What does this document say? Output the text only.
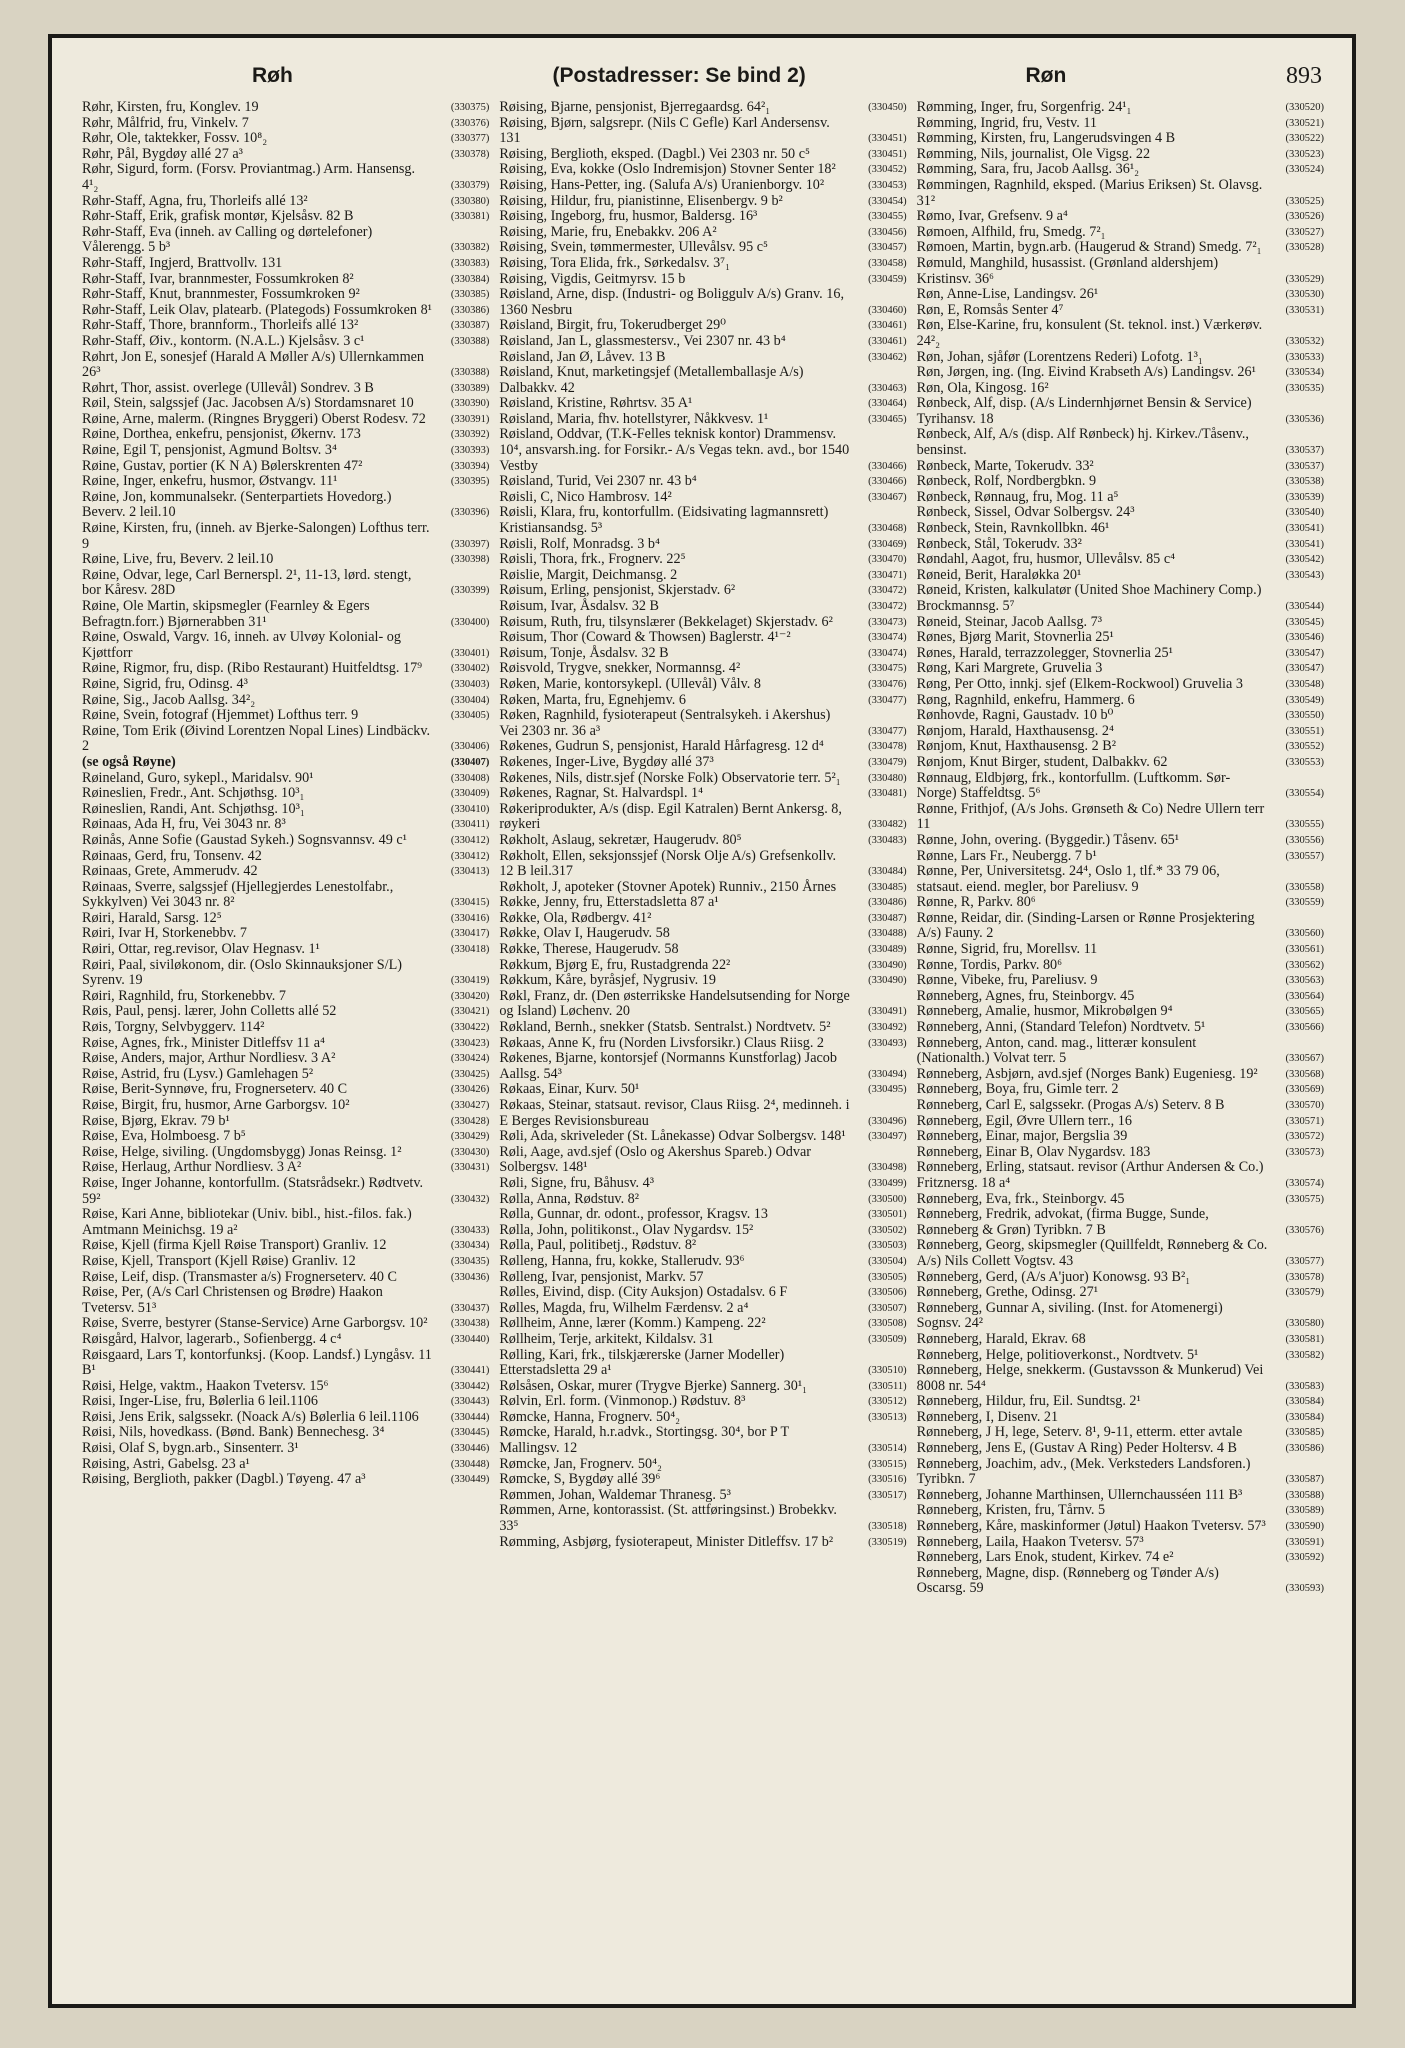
Røh	(Postadresser: Se bind 2)	Røn	893
Røhr, Kirsten, fru, Konglev. 19	(330375)
Røhr, Målfrid, fru, Vinkelv. 7	(330376)
Røhr, Ole, taktekker, Fossv. 10⁸₂	(330377)
Røhr, Pål, Bygdøy allé 27 a³	(330378)
Røhr, Sigurd, form. (Forsv. Proviantmag.) Arm. Hansensg. 4¹₂	(330379)
Røhr-Staff, Agna, fru, Thorleifs allé 13²	(330380)
Røhr-Staff, Erik, grafisk montør, Kjelsåsv. 82 B	(330381)
Røhr-Staff, Eva (inneh. av Calling og dørtelefoner) Vålerengg. 5 b³	(330382)
Røhr-Staff, Ingjerd, Brattvollv. 131	(330383)
Røhr-Staff, Ivar, brannmester, Fossumkroken 8²	(330384)
Røhr-Staff, Knut, brannmester, Fossumkroken 9²	(330385)
Røhr-Staff, Leik Olav, platearb. (Plategods) Fossumkroken 8¹ (330386)
Røhr-Staff, Thore, brannform., Thorleifs allé 13²	(330387)
Røhr-Staff, Øiv., kontorm. (N.A.L.) Kjelsåsv. 3 c¹	(330388)
Røhrt, Jon E, sonesjef (Harald A Møller A/s) Ullernkammen 26³	(330388)
Røhrt, Thor, assist. overlege (Ullevål) Sondrev. 3 B	(330389)
Røil, Stein, salgssjef (Jac. Jacobsen A/s) Stordamsnaret 10	(330390)
Røine, Arne, malerm. (Ringnes Bryggeri) Oberst Rodesv. 72 (330391)
Røine, Dorthea, enkefru, pensjonist, Økernv. 173	(330392)
Røine, Egil T, pensjonist, Agmund Boltsv. 3⁴	(330393)
Røine, Gustav, portier (K N A) Bølerskrenten 47²	(330394)
Røine, Inger, enkefru, husmor, Østvangv. 11¹	(330395)
Røine, Jon, kommunalsekr. (Senterpartiets Hovedorg.) Beverv. 2 leil.10	(330396)
Røine, Kirsten, fru, (inneh. av Bjerke-Salongen) Lofthus terr. 9	(330397)
Røine, Live, fru, Beverv. 2 leil.10	(330398)
Røine, Odvar, lege, Carl Bernerspl. 2¹, 11-13, lørd. stengt, bor Kåresv. 28D	(330399)
Røine, Ole Martin, skipsmegler (Fearnley & Egers Befragtn.forr.) Bjørnerabben 31¹	(330400)
Røine, Oswald, Vargv. 16, inneh. av Ulvøy Kolonial- og Kjøttforr	(330401)
Røine, Rigmor, fru, disp. (Ribo Restaurant) Huitfeldtsg. 17⁹	(330402)
Røine, Sigrid, fru, Odinsg. 4³	(330403)
Røine, Sig., Jacob Aallsg. 34²₂	(330404)
Røine, Svein, fotograf (Hjemmet) Lofthus terr. 9	(330405)
Røine, Tom Erik (Øivind Lorentzen Nopal Lines) Lindbäckv. 2	(330406)
(se også Røyne)	(330407)
Røineland, Guro, sykepl., Maridalsv. 90¹	(330408)
Røineslien, Fredr., Ant. Schjøthsg. 10³₁	(330409)
Røineslien, Randi, Ant. Schjøthsg. 10³₁	(330410)
Røinaas, Ada H, fru, Vei 3043 nr. 8³	(330411)
Røinås, Anne Sofie (Gaustad Sykeh.) Sognsvannsv. 49 c¹	(330412)
Røinaas, Gerd, fru, Tonsenv. 42	(330412)
Røinaas, Grete, Ammerudv. 42	(330413)
Røinaas, Sverre, salgssjef (Hjellegjerdes Lenestolfabr., Sykkylven) Vei 3043 nr. 8²	(330415)
Røiri, Harald, Sarsg. 12⁵	(330416)
Røiri, Ivar H, Storkenebbv. 7	(330417)
Røiri, Ottar, reg.revisor, Olav Hegnasv. 1¹	(330418)
Røiri, Paal, siviløkonom, dir. (Oslo Skinnauksjoner S/L) Syrenv. 19	(330419)
Røiri, Ragnhild, fru, Storkenebbv. 7	(330420)
Røis, Paul, pensj. lærer, John Colletts allé 52	(330421)
Røis, Torgny, Selvbyggerv. 114²	(330422)
Røise, Agnes, frk., Minister Ditleffsv 11 a⁴	(330423)
Røise, Anders, major, Arthur Nordliesv. 3 A²	(330424)
Røise, Astrid, fru (Lysv.) Gamlehagen 5²	(330425)
Røise, Berit-Synnøve, fru, Frognerseterv. 40 C	(330426)
Røise, Birgit, fru, husmor, Arne Garborgsv. 10²	(330427)
Røise, Bjørg, Ekrav. 79 b¹	(330428)
Røise, Eva, Holmboesg. 7 b⁵	(330429)
Røise, Helge, siviling. (Ungdomsbygg) Jonas Reinsg. 1²	(330430)
Røise, Herlaug, Arthur Nordliesv. 3 A²	(330431)
Røise, Inger Johanne, kontorfullm. (Statsrådsekr.) Rødtvetv. 59²	(330432)
Røise, Kari Anne, bibliotekar (Univ. bibl., hist.-filos. fak.) Amtmann Meinichsg. 19 a²	(330433)
Røise, Kjell (firma Kjell Røise Transport) Granliv. 12	(330434)
Røise, Kjell, Transport (Kjell Røise) Granliv. 12	(330435)
Røise, Leif, disp. (Transmaster a/s) Frognerseterv. 40 C	(330436)
Røise, Per, (A/s Carl Christensen og Brødre) Haakon Tvetersv. 51³	(330437)
Røise, Sverre, bestyrer (Stanse-Service) Arne Garborgsv. 10² (330438)
Røisgård, Halvor, lagerarb., Sofienbergg. 4 c⁴	(330440)
Røisgaard, Lars T, kontorfunksj. (Koop. Landsf.) Lyngåsv. 11 B¹	(330441)
Røisi, Helge, vaktm., Haakon Tvetersv. 15⁶	(330442)
Røisi, Inger-Lise, fru, Bølerlia 6 leil.1106	(330443)
Røisi, Jens Erik, salgssekr. (Noack A/s) Bølerlia 6 leil.1106	(330444)
Røisi, Nils, hovedkass. (Bønd. Bank) Bennechesg. 3⁴	(330445)
Røisi, Olaf S, bygn.arb., Sinsenterr. 3¹	(330446)
Røising, Astri, Gabelsg. 23 a¹	(330448)
Røising, Berglioth, pakker (Dagbl.) Tøyeng. 47 a³	(330449)
Røising, Bjarne, pensjonist, Bjerregaardsg. 64²₁	(330450)
Røising, Bjørn, salgsrepr. (Nils C Gefle) Karl Andersensv. 131	(330451)
Røising, Berglioth, eksped. (Dagbl.) Vei 2303 nr. 50 c⁵	(330451)
Røising, Eva, kokke (Oslo Indremisjon) Stovner Senter 18²	(330452)
Røising, Hans-Petter, ing. (Salufa A/s) Uranienborgv. 10²	(330453)
Røising, Hildur, fru, pianistinne, Elisenbergv. 9 b²	(330454)
Røising, Ingeborg, fru, husmor, Baldersg. 16³	(330455)
Røising, Marie, fru, Enebakkv. 206 A²	(330456)
Røising, Svein, tømmermester, Ullevålsv. 95 c⁵	(330457)
Røising, Tora Elida, frk., Sørkedalsv. 3⁷₁	(330458)
Røising, Vigdis, Geitmyrsv. 15 b	(330459)
Røisland, Arne, disp. (Industri- og Boliggulv A/s) Granv. 16, 1360 Nesbru	(330460)
Røisland, Birgit, fru, Tokerudberget 29⁰	(330461)
Røisland, Jan L, glassmestersv., Vei 2307 nr. 43 b⁴	(330461)
Røisland, Jan Ø, Låvev. 13 B	(330462)
Røisland, Knut, marketingsjef (Metallemballasje A/s) Dalbakkv. 42	(330463)
Røisland, Kristine, Røhrtsv. 35 A¹	(330464)
Røisland, Maria, fhv. hotellstyrer, Nåkkvesv. 1¹	(330465)
Røisland, Oddvar, (T.K-Felles teknisk kontor) Drammensv. 10⁴, ansvarsh.ing. for Forsikr.- A/s Vegas tekn. avd., bor 1540 Vestby	(330466)
Røisland, Turid, Vei 2307 nr. 43 b⁴	(330466)
Røisli, C, Nico Hambrosv. 14²	(330467)
Røisli, Klara, fru, kontorfullm. (Eidsivating lagmannsrett) Kristiansandsg. 5³	(330468)
Røisli, Rolf, Monradsg. 3 b⁴	(330469)
Røisli, Thora, frk., Frognerv. 22⁵	(330470)
Røislie, Margit, Deichmansg. 2	(330471)
Røisum, Erling, pensjonist, Skjerstadv. 6²	(330472)
Røisum, Ivar, Åsdalsv. 32 B	(330472)
Røisum, Ruth, fru, tilsynslærer (Bekkelaget) Skjerstadv. 6²	(330473)
Røisum, Thor (Coward & Thowsen) Baglerstr. 4¹⁻²	(330474)
Røisum, Tonje, Åsdalsv. 32 B	(330474)
Røisvold, Trygve, snekker, Normannsg. 4²	(330475)
Røken, Marie, kontorsykepl. (Ullevål) Vålv. 8	(330476)
Røken, Marta, fru, Egnehjemv. 6	(330477)
Røken, Ragnhild, fysioterapeut (Sentralsykeh. i Akershus) Vei 2303 nr. 36 a³	(330477)
Røkenes, Gudrun S, pensjonist, Harald Hårfagresg. 12 d⁴	(330478)
Røkenes, Inger-Live, Bygdøy allé 37³	(330479)
Røkenes, Nils, distr.sjef (Norske Folk) Observatorie terr. 5²₁	(330480)
Røkenes, Ragnar, St. Halvardspl. 1⁴	(330481)
Røkeriprodukter, A/s (disp. Egil Katralen) Bernt Ankersg. 8, røykeri	(330482)
Røkholt, Aslaug, sekretær, Haugerudv. 80⁵	(330483)
Røkholt, Ellen, seksjonssjef (Norsk Olje A/s) Grefsenkollv. 12 B leil.317	(330484)
Røkholt, J, apoteker (Stovner Apotek) Runniv., 2150 Årnes	(330485)
Røkke, Jenny, fru, Etterstadsletta 87 a¹	(330486)
Røkke, Ola, Rødbergv. 41²	(330487)
Røkke, Olav I, Haugerudv. 58	(330488)
Røkke, Therese, Haugerudv. 58	(330489)
Røkkum, Bjørg E, fru, Rustadgrenda 22²	(330490)
Røkkum, Kåre, byråsjef, Nygrusiv. 19	(330490)
Røkl, Franz, dr. (Den østerrikske Handelsutsending for Norge og Island) Løchenv. 20	(330491)
Røkland, Bernh., snekker (Statsb. Sentralst.) Nordtvetv. 5²	(330492)
Røkaas, Anne K, fru (Norden Livsforsikr.) Claus Riisg. 2	(330493)
Røkenes, Bjarne, kontorsjef (Normanns Kunstforlag) Jacob Aallsg. 54³	(330494)
Røkaas, Einar, Kurv. 50¹	(330495)
Røkaas, Steinar, statsaut. revisor, Claus Riisg. 2⁴, medinneh. i E Berges Revisionsbureau	(330496)
Røli, Ada, skriveleder (St. Lånekasse) Odvar Solbergsv. 148¹ (330497)
Røli, Aage, avd.sjef (Oslo og Akershus Spareb.) Odvar Solbergsv. 148¹	(330498)
Røli, Signe, fru, Båhusv. 4³	(330499)
Rølla, Anna, Rødstuv. 8²	(330500)
Rølla, Gunnar, dr. odont., professor, Kragsv. 13	(330501)
Rølla, John, politikonst., Olav Nygardsv. 15²	(330502)
Rølla, Paul, politibetj., Rødstuv. 8²	(330503)
Rølleng, Hanna, fru, kokke, Stallerudv. 93⁶	(330504)
Rølleng, Ivar, pensjonist, Markv. 57	(330505)
Rølles, Eivind, disp. (City Auksjon) Ostadalsv. 6 F	(330506)
Rølles, Magda, fru, Wilhelm Færdensv. 2 a⁴	(330507)
Røllheim, Anne, lærer (Komm.) Kampeng. 22²	(330508)
Røllheim, Terje, arkitekt, Kildalsv. 31	(330509)
Rølling, Kari, frk., tilskjærerske (Jarner Modeller) Etterstadsletta 29 a¹	(330510)
Rølsåsen, Oskar, murer (Trygve Bjerke) Sannerg. 30¹₁	(330511)
Rølvin, Erl. form. (Vinmonop.) Rødstuv. 8³	(330512)
Rømcke, Hanna, Frognerv. 50⁴₂	(330513)
Rømcke, Harald, h.r.advk., Stortingsg. 30⁴, bor P T Mallingsv. 12	(330514)
Rømcke, Jan, Frognerv. 50⁴₂	(330515)
Rømcke, S, Bygdøy allé 39⁶	(330516)
Rømmen, Johan, Waldemar Thranesg. 5³	(330517)
Rømmen, Arne, kontorassist. (St. attføringsinst.) Brobekkv. 33⁵	(330518)
Rømming, Asbjørg, fysioterapeut, Minister Ditleffsv. 17 b²	(330519)
Rømming, Inger, fru, Sorgenfrig. 24¹₁	(330520)
Rømming, Ingrid, fru, Vestv. 11	(330521)
Rømming, Kirsten, fru, Langerudsvingen 4 B	(330522)
Rømming, Nils, journalist, Ole Vigsg. 22	(330523)
Rømming, Sara, fru, Jacob Aallsg. 36¹₂	(330524)
Rømmingen, Ragnhild, eksped. (Marius Eriksen) St. Olavsg. 31²	(330525)
Rømo, Ivar, Grefsenv. 9 a⁴	(330526)
Rømoen, Alfhild, fru, Smedg. 7²₁	(330527)
Rømoen, Martin, bygn.arb. (Haugerud & Strand) Smedg. 7²₁ (330528)
Rømuld, Manghild, husassist. (Grønland aldershjem) Kristinsv. 36⁶	(330529)
Røn, Anne-Lise, Landingsv. 26¹	(330530)
Røn, E, Romsås Senter 4⁷	(330531)
Røn, Else-Karine, fru, konsulent (St. teknol. inst.) Værkerøv. 24²₂	(330532)
Røn, Johan, sjåfør (Lorentzens Rederi) Lofotg. 1³₁	(330533)
Røn, Jørgen, ing. (Ing. Eivind Krabseth A/s) Landingsv. 26¹	(330534)
Røn, Ola, Kingosg. 16²	(330535)
Rønbeck, Alf, disp. (A/s Lindernhjørnet Bensin & Service) Tyrihansv. 18	(330536)
Rønbeck, Alf, A/s (disp. Alf Rønbeck) hj. Kirkev./Tåsenv., bensinst.	(330537)
Rønbeck, Marte, Tokerudv. 33²	(330537)
Rønbeck, Rolf, Nordbergbkn. 9	(330538)
Rønbeck, Rønnaug, fru, Mog. 11 a⁵	(330539)
Rønbeck, Sissel, Odvar Solbergsv. 24³	(330540)
Rønbeck, Stein, Ravnkollbkn. 46¹	(330541)
Rønbeck, Stål, Tokerudv. 33²	(330541)
Røndahl, Aagot, fru, husmor, Ullevålsv. 85 c⁴	(330542)
Røneid, Berit, Haraløkka 20¹	(330543)
Røneid, Kristen, kalkulatør (United Shoe Machinery Comp.) Brockmannsg. 5⁷	(330544)
Røneid, Steinar, Jacob Aallsg. 7³	(330545)
Rønes, Bjørg Marit, Stovnerlia 25¹	(330546)
Rønes, Harald, terrazzolegger, Stovnerlia 25¹	(330547)
Røng, Kari Margrete, Gruvelia 3	(330547)
Røng, Per Otto, innkj. sjef (Elkem-Rockwool) Gruvelia 3	(330548)
Røng, Ragnhild, enkefru, Hammerg. 6	(330549)
Rønhovde, Ragni, Gaustadv. 10 b⁰	(330550)
Rønjom, Harald, Haxthausensg. 2⁴	(330551)
Rønjom, Knut, Haxthausensg. 2 B²	(330552)
Rønjom, Knut Birger, student, Dalbakkv. 62	(330553)
Rønnaug, Eldbjørg, frk., kontorfullm. (Luftkomm. Sør-Norge) Staffeldtsg. 5⁶	(330554)
Rønne, Frithjof, (A/s Johs. Grønseth & Co) Nedre Ullern terr 11	(330555)
Rønne, John, overing. (Byggedir.) Tåsenv. 65¹	(330556)
Rønne, Lars Fr., Neubergg. 7 b¹	(330557)
Rønne, Per, Universitetsg. 24⁴, Oslo 1, tlf.* 33 79 06, statsaut. eiend. megler, bor Pareliusv. 9	(330558)
Rønne, R, Parkv. 80⁶	(330559)
Rønne, Reidar, dir. (Sinding-Larsen or Rønne Prosjektering A/s) Fauny. 2	(330560)
Rønne, Sigrid, fru, Morellsv. 11	(330561)
Rønne, Tordis, Parkv. 80⁶	(330562)
Rønne, Vibeke, fru, Pareliusv. 9	(330563)
Rønneberg, Agnes, fru, Steinborgv. 45	(330564)
Rønneberg, Amalie, husmor, Mikrobølgen 9⁴	(330565)
Rønneberg, Anni, (Standard Telefon) Nordtvetv. 5¹	(330566)
Rønneberg, Anton, cand. mag., litterær konsulent (Nationalth.) Volvat terr. 5	(330567)
Rønneberg, Asbjørn, avd.sjef (Norges Bank) Eugeniesg. 19²	(330568)
Rønneberg, Boya, fru, Gimle terr. 2	(330569)
Rønneberg, Carl E, salgssekr. (Progas A/s) Seterv. 8 B	(330570)
Rønneberg, Egil, Øvre Ullern terr., 16	(330571)
Rønneberg, Einar, major, Bergslia 39	(330572)
Rønneberg, Einar B, Olav Nygardsv. 183	(330573)
Rønneberg, Erling, statsaut. revisor (Arthur Andersen & Co.) Fritznersg. 18 a⁴	(330574)
Rønneberg, Eva, frk., Steinborgv. 45	(330575)
Rønneberg, Fredrik, advokat, (firma Bugge, Sunde, Rønneberg & Grøn) Tyribkn. 7 B	(330576)
Rønneberg, Georg, skipsmegler (Quillfeldt, Rønneberg & Co. A/s) Nils Collett Vogtsv. 43	(330577)
Rønneberg, Gerd, (A/s A'juor) Konowsg. 93 B²₁	(330578)
Rønneberg, Grethe, Odinsg. 27¹	(330579)
Rønneberg, Gunnar A, siviling. (Inst. for Atomenergi) Sognsv. 24²	(330580)
Rønneberg, Harald, Ekrav. 68	(330581)
Rønneberg, Helge, politioverkonst., Nordtvetv. 5¹	(330582)
Rønneberg, Helge, snekkerm. (Gustavsson & Munkerud) Vei 8008 nr. 54⁴	(330583)
Rønneberg, Hildur, fru, Eil. Sundtsg. 2¹	(330584)
Rønneberg, I, Disenv. 21	(330584)
Rønneberg, J H, lege, Seterv. 8¹, 9-11, etterm. etter avtale	(330585)
Rønneberg, Jens E, (Gustav A Ring) Peder Holtersv. 4 B	(330586)
Rønneberg, Joachim, adv., (Mek. Verksteders Landsforen.) Tyribkn. 7	(330587)
Rønneberg, Johanne Marthinsen, Ullernchausséen 111 B³	(330588)
Rønneberg, Kristen, fru, Tårnv. 5	(330589)
Rønneberg, Kåre, maskinformer (Jøtul) Haakon Tvetersv. 57³ (330590)
Rønneberg, Laila, Haakon Tvetersv. 57³	(330591)
Rønneberg, Lars Enok, student, Kirkev. 74 e²	(330592)
Rønneberg, Magne, disp. (Rønneberg og Tønder A/s) Oscarsg. 59	(330593)
